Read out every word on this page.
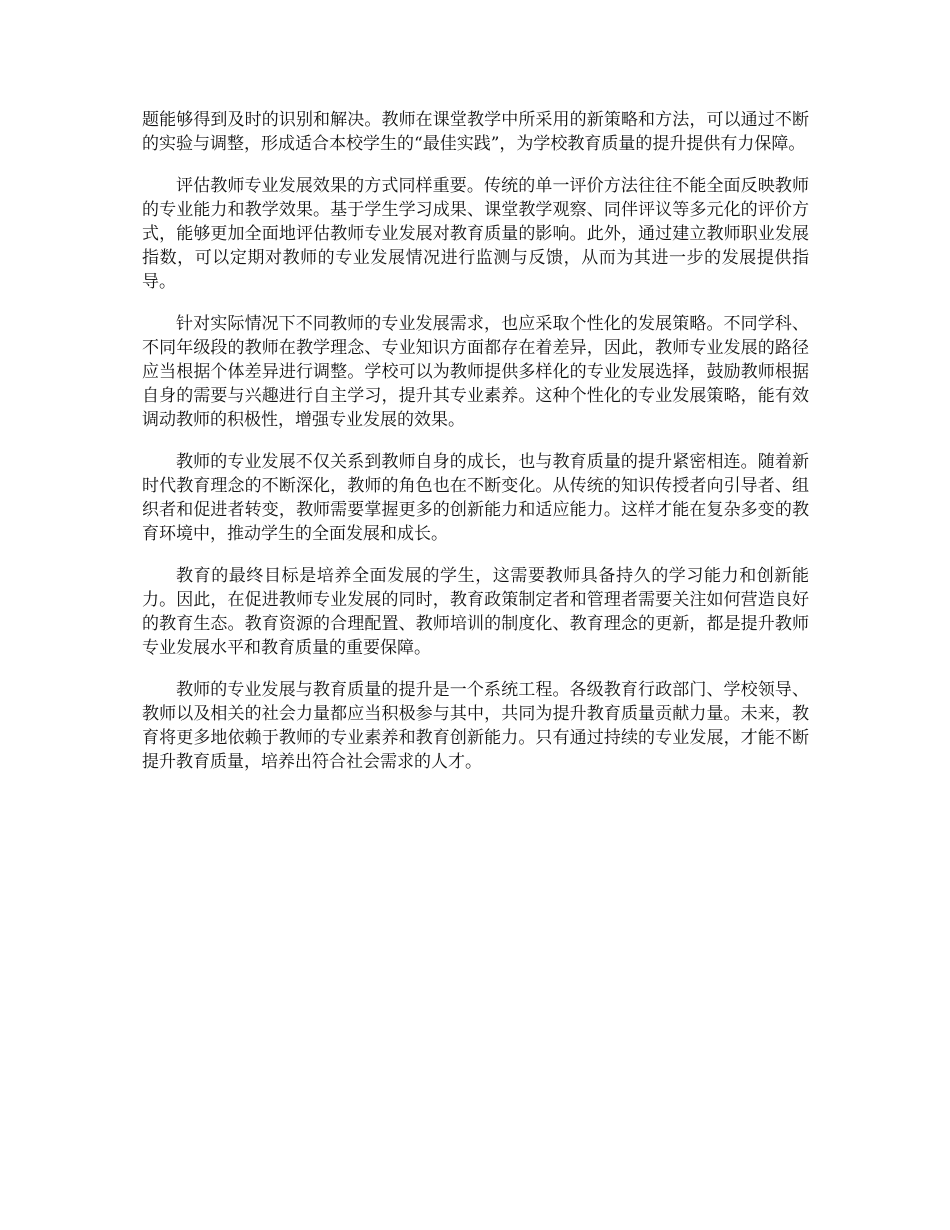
题能够得到及时的识别和解决。教师在课堂教学中所采用的新策略和方法，可以通过不断的实验与调整，形成适合本校学生的“最佳实践”，为学校教育质量的提升提供有力保障。

评估教师专业发展效果的方式同样重要。传统的单一评价方法往往不能全面反映教师的专业能力和教学效果。基于学生学习成果、课堂教学观察、同伴评议等多元化的评价方式，能够更加全面地评估教师专业发展对教育质量的影响。此外，通过建立教师职业发展指数，可以定期对教师的专业发展情况进行监测与反馈，从而为其进一步的发展提供指导。

针对实际情况下不同教师的专业发展需求，也应采取个性化的发展策略。不同学科、不同年级段的教师在教学理念、专业知识方面都存在着差异，因此，教师专业发展的路径应当根据个体差异进行调整。学校可以为教师提供多样化的专业发展选择，鼓励教师根据自身的需要与兴趣进行自主学习，提升其专业素养。这种个性化的专业发展策略，能有效调动教师的积极性，增强专业发展的效果。

教师的专业发展不仅关系到教师自身的成长，也与教育质量的提升紧密相连。随着新时代教育理念的不断深化，教师的角色也在不断变化。从传统的知识传授者向引导者、组织者和促进者转变，教师需要掌握更多的创新能力和适应能力。这样才能在复杂多变的教育环境中，推动学生的全面发展和成长。

教育的最终目标是培养全面发展的学生，这需要教师具备持久的学习能力和创新能力。因此，在促进教师专业发展的同时，教育政策制定者和管理者需要关注如何营造良好的教育生态。教育资源的合理配置、教师培训的制度化、教育理念的更新，都是提升教师专业发展水平和教育质量的重要保障。

教师的专业发展与教育质量的提升是一个系统工程。各级教育行政部门、学校领导、教师以及相关的社会力量都应当积极参与其中，共同为提升教育质量贡献力量。未来，教育将更多地依赖于教师的专业素养和教育创新能力。只有通过持续的专业发展，才能不断提升教育质量，培养出符合社会需求的人才。
